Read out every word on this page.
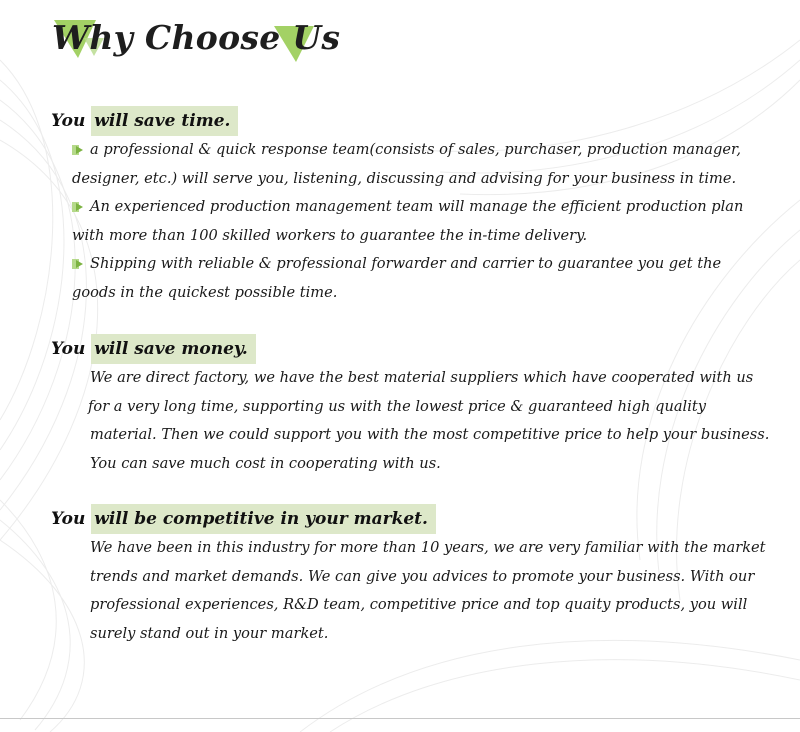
Why Choose Us
You will save time.

a professional & quick response team(consists of sales, purchaser, production manager,

designer, etc.) will serve you, listening, discussing and advising for your business in time.

An experienced production management team will manage the efficient production plan

with more than 100 skilled workers to guarantee the in-time delivery.

Shipping with reliable & professional forwarder and carrier to guarantee you get the

goods in the quickest possible time.

You will save money.

We are direct factory, we have the best material suppliers which have cooperated with us

for a very long time, supporting us with the lowest price & guaranteed high quality

material. Then we could support you with the most competitive price to help your business.

You can save much cost in cooperating with us.

You will be competitive in your market.

We have been in this industry for more than 10 years, we are very familiar with the market

trends and market demands. We can give you advices to promote your business. With our

professional experiences, R&D team, competitive price and top quaity products, you will

surely stand out in your market.
